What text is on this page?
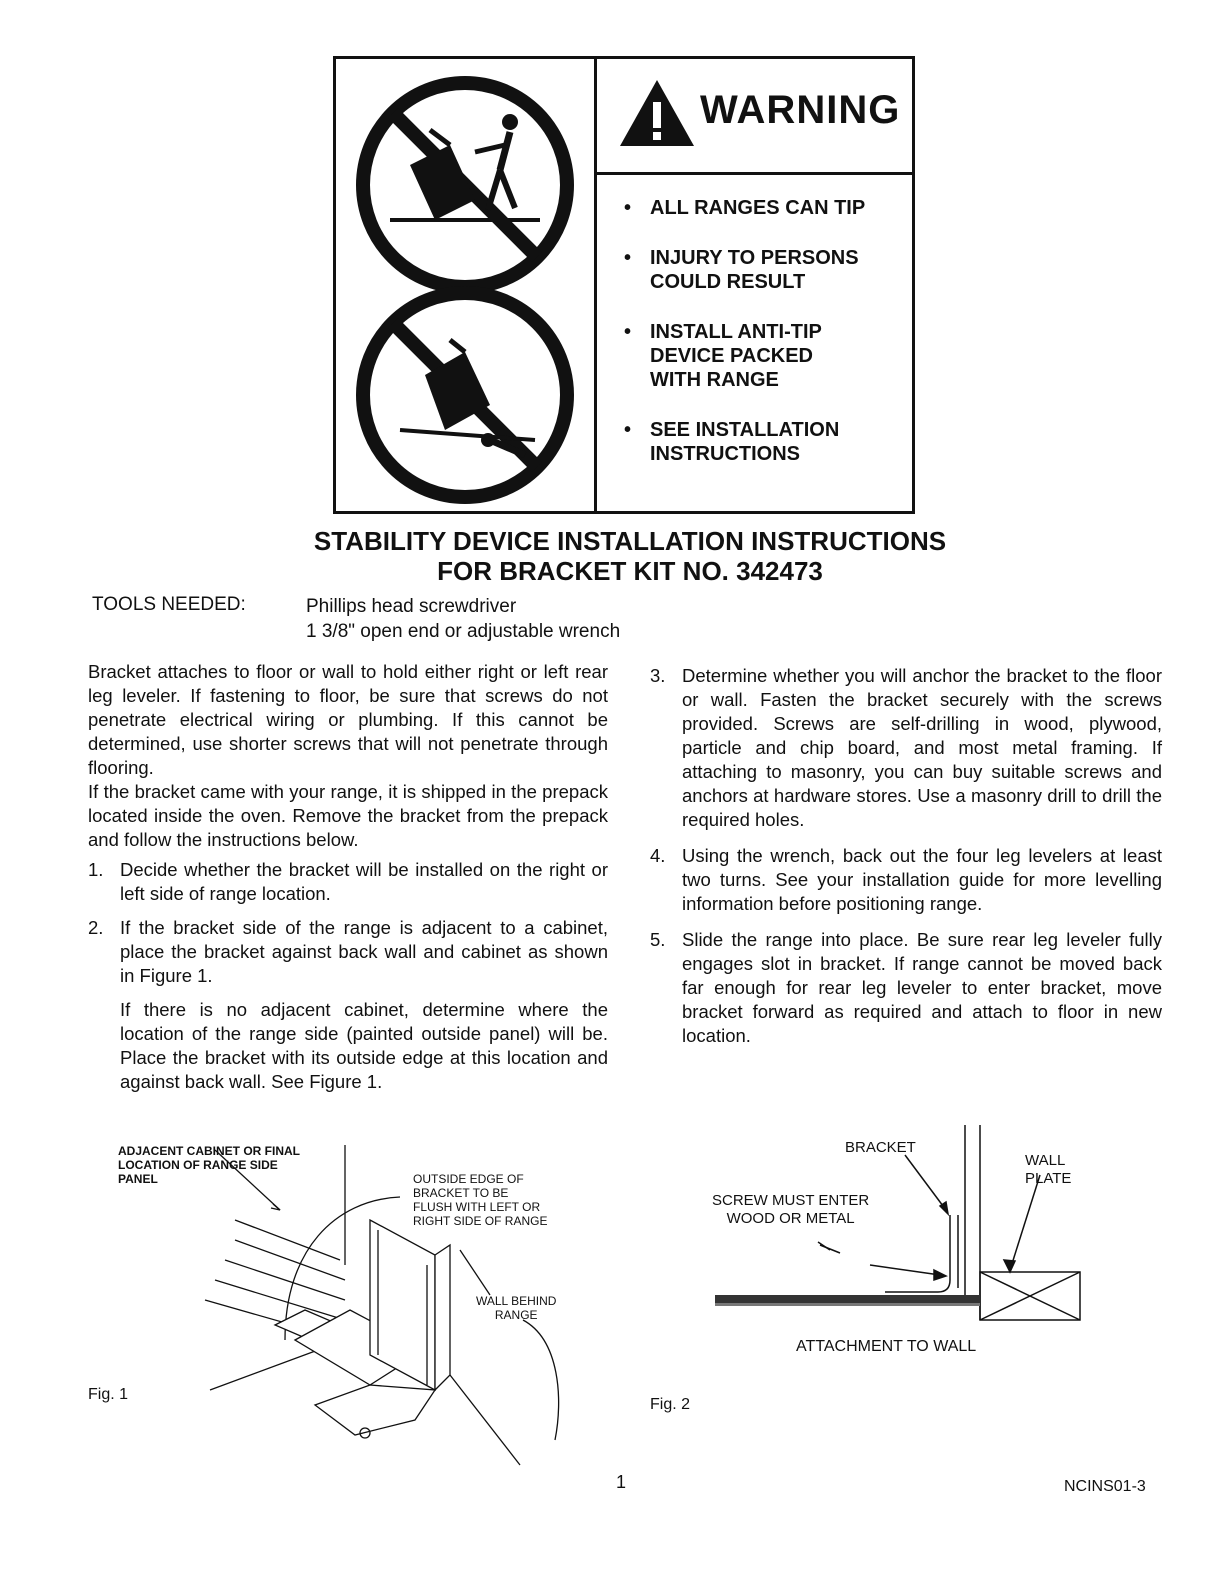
WARNING
• ALL RANGES CAN TIP
• INJURY TO PERSONS
COULD RESULT
• INSTALL ANTI-TIP
DEVICE PACKED
WITH RANGE
• SEE INSTALLATION
INSTRUCTIONS
STABILITY DEVICE INSTALLATION INSTRUCTIONS
FOR BRACKET KIT NO. 342473
TOOLS NEEDED:	Phillips head screwdriver
1 3/8" open end or adjustable wrench

Bracket attaches to floor or wall to hold either right or left rear leg leveler. If fastening to floor, be sure that screws do not penetrate electrical wiring or plumbing. If this cannot be determined, use shorter screws that will not penetrate through flooring.

If the bracket came with your range, it is shipped in the prepack located inside the oven. Remove the bracket from the prepack and follow the instructions below.

1. Decide whether the bracket will be installed on the right or left side of range location.
2. If the bracket side of the range is adjacent to a cabinet, place the bracket against back wall and cabinet as shown in Figure 1.
If there is no adjacent cabinet, determine where the location of the range side (painted outside panel) will be. Place the bracket with its outside edge at this location and against back wall. See Figure 1.
3. Determine whether you will anchor the bracket to the floor or wall. Fasten the bracket securely with the screws provided. Screws are self-drilling in wood, plywood, particle and chip board, and most metal framing. If attaching to masonry, you can buy suitable screws and anchors at hardware stores. Use a masonry drill to drill the required holes.
4. Using the wrench, back out the four leg levelers at least two turns. See your installation guide for more levelling information before positioning range.
5. Slide the range into place. Be sure rear leg leveler fully engages slot in bracket. If range cannot be moved back far enough for rear leg leveler to enter bracket, move bracket forward as required and attach to floor in new location.
ADJACENT CABINET OR FINAL
LOCATION OF RANGE SIDE
PANEL	OUTSIDE EDGE OF
BRACKET TO BE
FLUSH WITH LEFT OR
RIGHT SIDE OF RANGE
WALL BEHIND
RANGE
Fig. 1
BRACKET
WALL
PLATE
SCREW MUST ENTER
WOOD OR METAL
ATTACHMENT TO WALL
Fig. 2
1	NCINS01-3
